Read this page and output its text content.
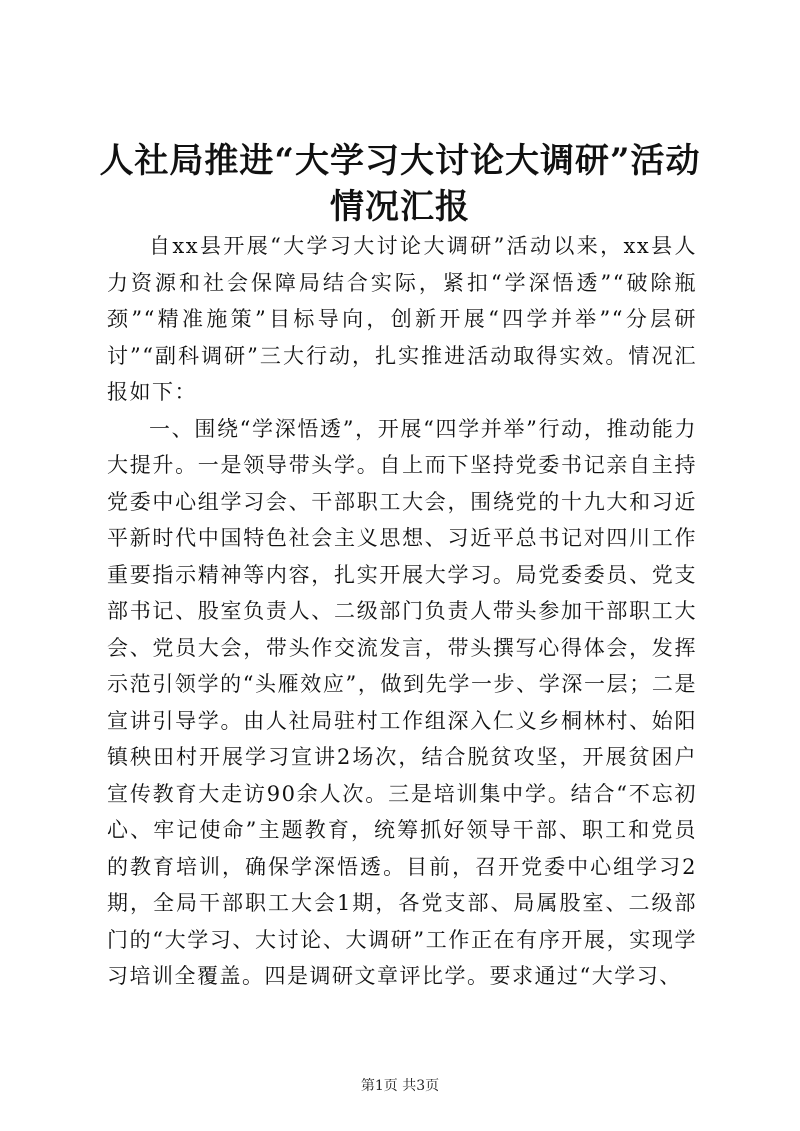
人社局推进“大学习大讨论大调研”活动情况汇报

自xx县开展“大学习大讨论大调研”活动以来，xx县人力资源和社会保障局结合实际，紧扣“学深悟透”“破除瓶颈”“精准施策”目标导向，创新开展“四学并举”“分层研讨”“副科调研”三大行动，扎实推进活动取得实效。情况汇报如下：

一、围绕“学深悟透”，开展“四学并举”行动，推动能力大提升。一是领导带头学。自上而下坚持党委书记亲自主持党委中心组学习会、干部职工大会，围绕党的十九大和习近平新时代中国特色社会主义思想、习近平总书记对四川工作重要指示精神等内容，扎实开展大学习。局党委委员、党支部书记、股室负责人、二级部门负责人带头参加干部职工大会、党员大会，带头作交流发言，带头撰写心得体会，发挥示范引领学的“头雁效应”，做到先学一步、学深一层；二是宣讲引导学。由人社局驻村工作组深入仁义乡桐林村、始阳镇秧田村开展学习宣讲2场次，结合脱贫攻坚，开展贫困户宣传教育大走访90余人次。三是培训集中学。结合“不忘初心、牢记使命”主题教育，统筹抓好领导干部、职工和党员的教育培训，确保学深悟透。目前，召开党委中心组学习2期，全局干部职工大会1期，各党支部、局属股室、二级部门的“大学习、大讨论、大调研”工作正在有序开展，实现学习培训全覆盖。四是调研文章评比学。要求通过“大学习、

第1页 共3页
